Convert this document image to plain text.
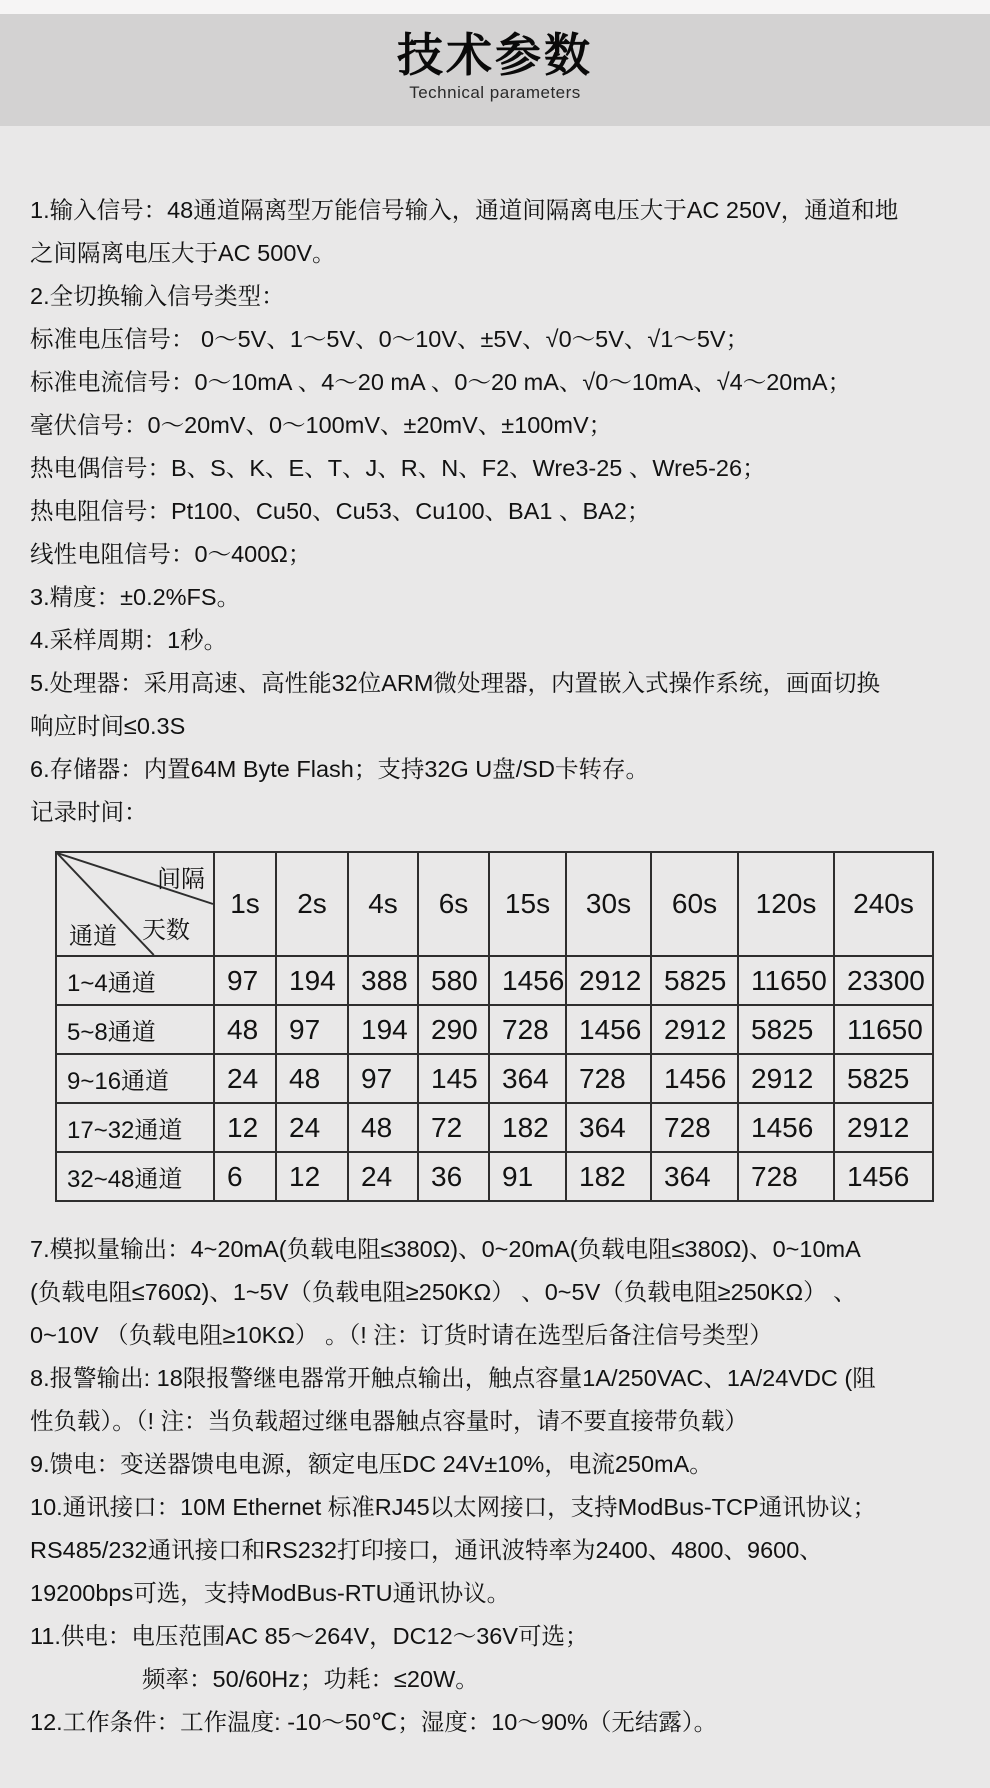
技术参数
Technical parameters
1.输入信号：48通道隔离型万能信号输入，通道间隔离电压大于AC 250V，通道和地
之间隔离电压大于AC 500V。
2.全切换输入信号类型：
标准电压信号： 0～5V、1～5V、0～10V、±5V、√0～5V、√1～5V；
标准电流信号：0～10mA 、4～20 mA 、0～20 mA、√0～10mA、√4～20mA；
毫伏信号：0～20mV、0～100mV、±20mV、±100mV；
热电偶信号：B、S、K、E、T、J、R、N、F2、Wre3-25 、Wre5-26；
热电阻信号：Pt100、Cu50、Cu53、Cu100、BA1 、BA2；
线性电阻信号：0～400Ω；
3.精度：±0.2%FS。
4.采样周期：1秒。
5.处理器：采用高速、高性能32位ARM微处理器，内置嵌入式操作系统，画面切换
响应时间≤0.3S
6.存储器：内置64M Byte Flash；支持32G U盘/SD卡转存。
记录时间：
间隔
天数
通道	1s	2s	4s	6s	15s	30s	60s	120s	240s
1~4通道	97	194	388	580	1456	2912	5825	11650	23300
5~8通道	48	97	194	290	728	1456	2912	5825	11650
9~16通道	24	48	97	145	364	728	1456	2912	5825
17~32通道	12	24	48	72	182	364	728	1456	2912
32~48通道	6	12	24	36	91	182	364	728	1456
7.模拟量输出：4~20mA(负载电阻≤380Ω)、0~20mA(负载电阻≤380Ω)、0~10mA
(负载电阻≤760Ω)、1~5V（负载电阻≥250KΩ） 、0~5V（负载电阻≥250KΩ） 、
0~10V （负载电阻≥10KΩ） 。（! 注：订货时请在选型后备注信号类型）
8.报警输出: 18限报警继电器常开触点输出，触点容量1A/250VAC、1A/24VDC (阻
性负载）。（! 注：当负载超过继电器触点容量时，请不要直接带负载）
9.馈电：变送器馈电电源，额定电压DC 24V±10%，电流250mA。
10.通讯接口：10M Ethernet 标准RJ45以太网接口，支持ModBus-TCP通讯协议；
RS485/232通讯接口和RS232打印接口，通讯波特率为2400、4800、9600、
19200bps可选，支持ModBus-RTU通讯协议。
11.供电：电压范围AC 85～264V，DC12～36V可选；
频率：50/60Hz；功耗：≤20W。
12.工作条件：工作温度: -10～50℃；湿度：10～90%（无结露）。
